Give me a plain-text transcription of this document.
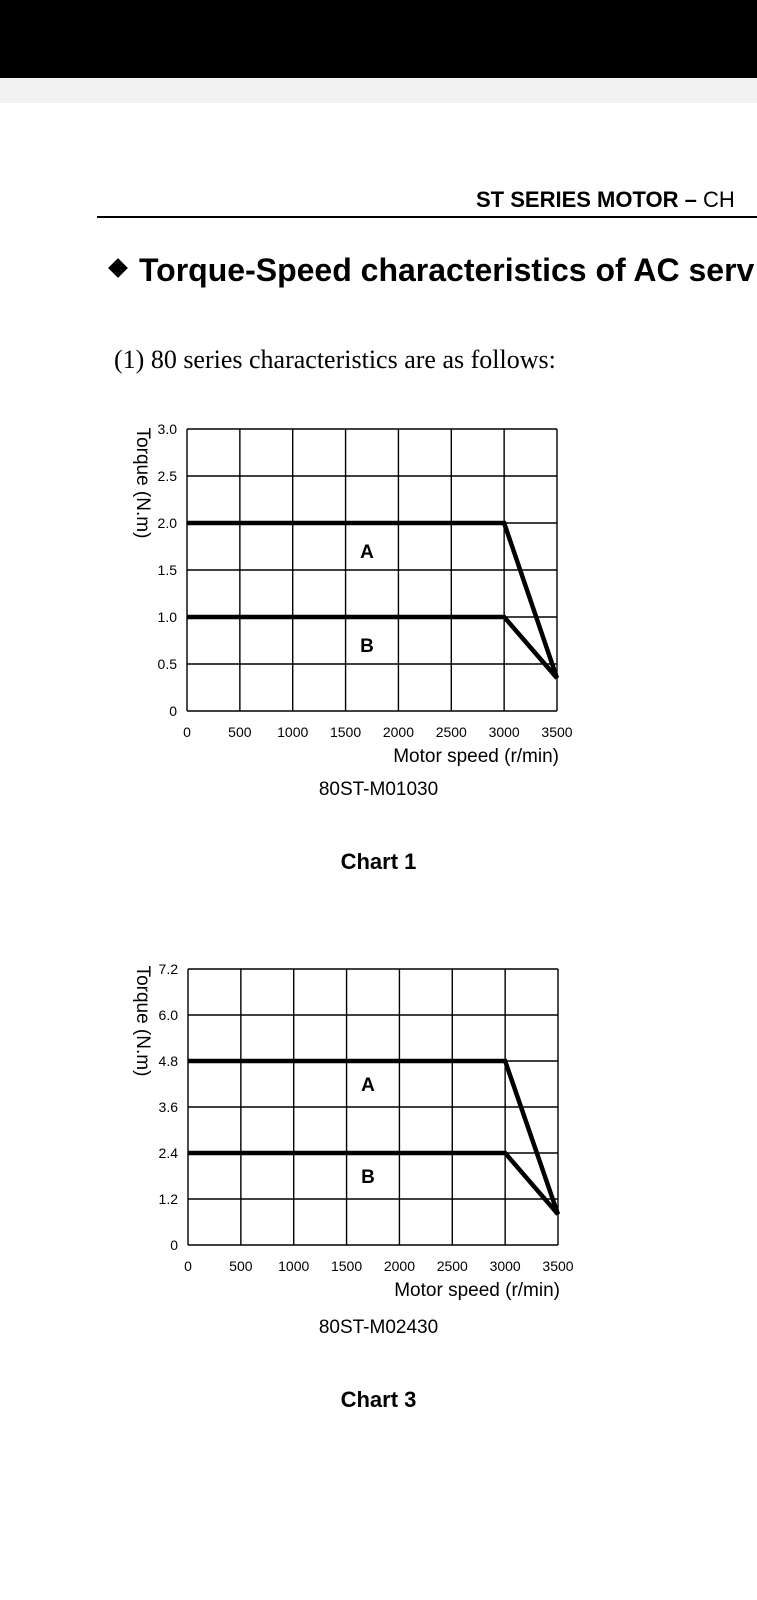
ST SERIES MOTOR – CH
Torque-Speed characteristics of AC serv
(1) 80 series characteristics are as follows:
0	500 1000 1500 2000 2500 3000 3500
0
0.5
1.0
1.5
2.0
2.5
3.0
A
B
Motor speed (r/min)
Torque (N.m)
80ST-M01030
Chart 1
0	500 1000 1500 2000 2500 3000 3500
0
1.2
2.4
3.6
4.8
6.0
7.2
A
B
Motor speed (r/min)
Torque (N.m)
80ST-M02430
Chart 3
